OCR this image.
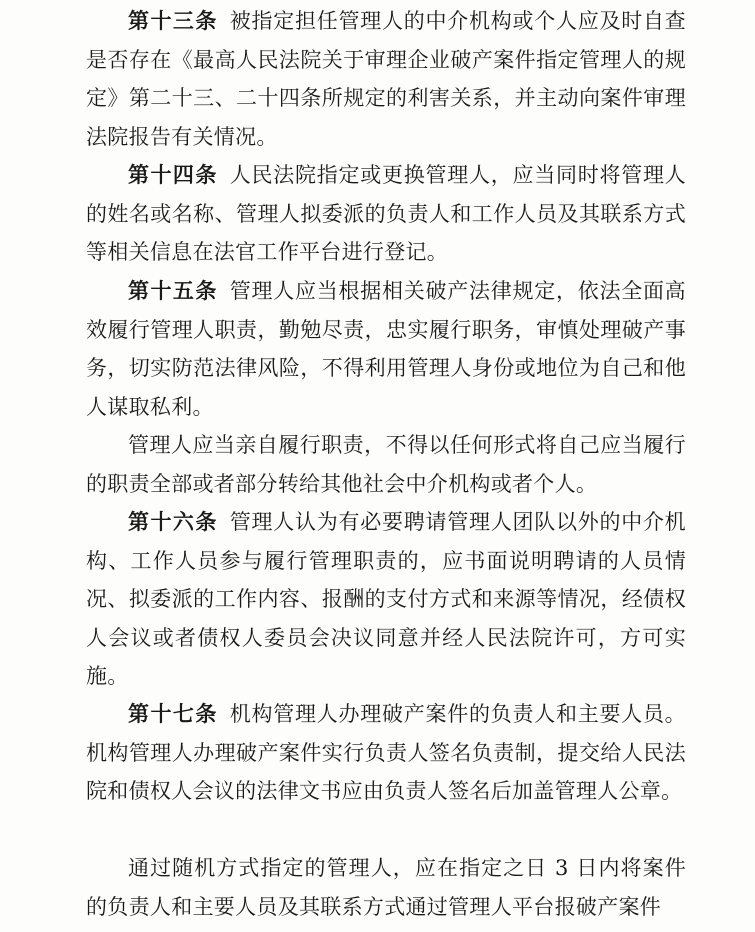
第十三条 被指定担任管理人的中介机构或个人应及时自查是否存在《最高人民法院关于审理企业破产案件指定管理人的规定》第二十三、二十四条所规定的利害关系，并主动向案件审理法院报告有关情况。

第十四条 人民法院指定或更换管理人，应当同时将管理人的姓名或名称、管理人拟委派的负责人和工作人员及其联系方式等相关信息在法官工作平台进行登记。

第十五条 管理人应当根据相关破产法律规定，依法全面高效履行管理人职责，勤勉尽责，忠实履行职务，审慎处理破产事务，切实防范法律风险，不得利用管理人身份或地位为自己和他人谋取私利。

管理人应当亲自履行职责，不得以任何形式将自己应当履行的职责全部或者部分转给其他社会中介机构或者个人。

第十六条 管理人认为有必要聘请管理人团队以外的中介机构、工作人员参与履行管理职责的，应书面说明聘请的人员情况、拟委派的工作内容、报酬的支付方式和来源等情况，经债权人会议或者债权人委员会决议同意并经人民法院许可，方可实施。

第十七条 机构管理人办理破产案件的负责人和主要人员。机构管理人办理破产案件实行负责人签名负责制，提交给人民法院和债权人会议的法律文书应由负责人签名后加盖管理人公章。

通过随机方式指定的管理人，应在指定之日 3 日内将案件的负责人和主要人员及其联系方式通过管理人平台报破产案件
